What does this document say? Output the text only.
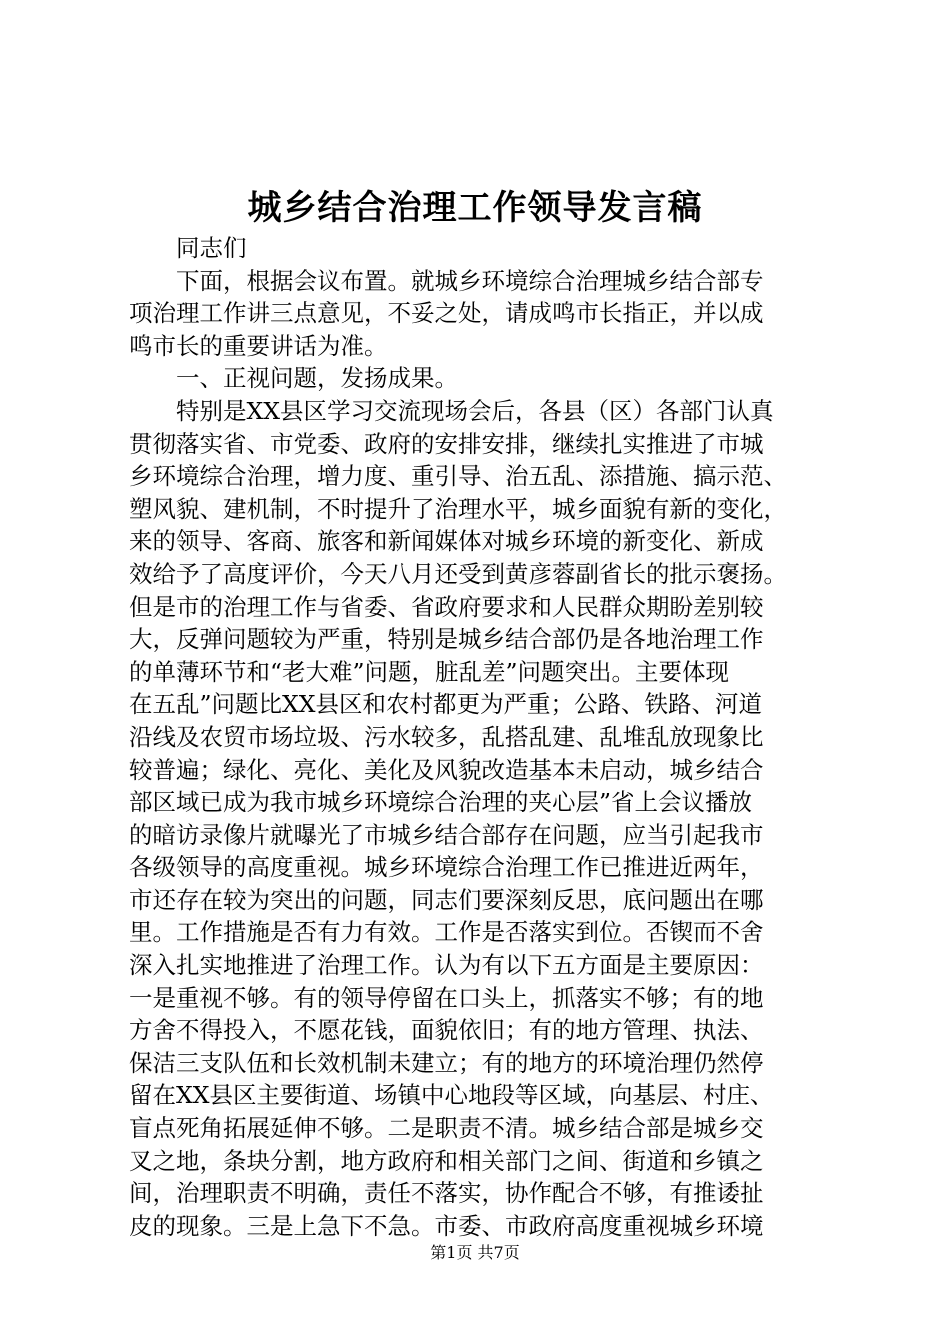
城乡结合治理工作领导发言稿
同志们
下面，根据会议布置。就城乡环境综合治理城乡结合部专
项治理工作讲三点意见，不妥之处，请成鸣市长指正，并以成
鸣市长的重要讲话为准。
一、正视问题，发扬成果。
特别是XX县区学习交流现场会后，各县（区）各部门认真
贯彻落实省、市党委、政府的安排安排，继续扎实推进了市城
乡环境综合治理，增力度、重引导、治五乱、添措施、搞示范、
塑风貌、建机制，不时提升了治理水平，城乡面貌有新的变化，
来的领导、客商、旅客和新闻媒体对城乡环境的新变化、新成
效给予了高度评价，今天八月还受到黄彦蓉副省长的批示褒扬。
但是市的治理工作与省委、省政府要求和人民群众期盼差别较
大，反弹问题较为严重，特别是城乡结合部仍是各地治理工作
的单薄环节和“老大难”问题，脏乱差”问题突出。主要体现
在五乱”问题比XX县区和农村都更为严重；公路、铁路、河道
沿线及农贸市场垃圾、污水较多，乱搭乱建、乱堆乱放现象比
较普遍；绿化、亮化、美化及风貌改造基本未启动，城乡结合
部区域已成为我市城乡环境综合治理的夹心层”省上会议播放
的暗访录像片就曝光了市城乡结合部存在问题，应当引起我市
各级领导的高度重视。城乡环境综合治理工作已推进近两年，
市还存在较为突出的问题，同志们要深刻反思，底问题出在哪
里。工作措施是否有力有效。工作是否落实到位。否锲而不舍
深入扎实地推进了治理工作。认为有以下五方面是主要原因：
一是重视不够。有的领导停留在口头上，抓落实不够；有的地
方舍不得投入，不愿花钱，面貌依旧；有的地方管理、执法、
保洁三支队伍和长效机制未建立；有的地方的环境治理仍然停
留在XX县区主要街道、场镇中心地段等区域，向基层、村庄、
盲点死角拓展延伸不够。二是职责不清。城乡结合部是城乡交
叉之地，条块分割，地方政府和相关部门之间、街道和乡镇之
间，治理职责不明确，责任不落实，协作配合不够，有推诿扯
皮的现象。三是上急下不急。市委、市政府高度重视城乡环境
第1页 共7页
